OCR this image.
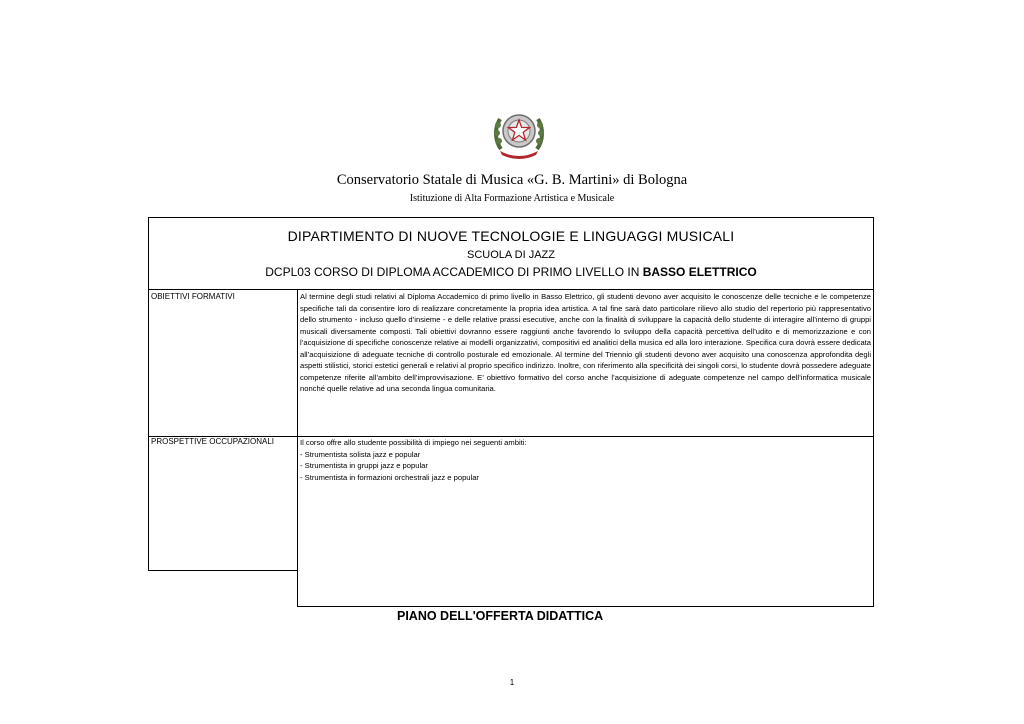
Conservatorio Statale di Musica «G. B. Martini» di Bologna
Istituzione di Alta Formazione Artistica e Musicale
DIPARTIMENTO DI NUOVE TECNOLOGIE E LINGUAGGI MUSICALI
SCUOLA DI JAZZ
DCPL03 CORSO DI DIPLOMA ACCADEMICO DI PRIMO LIVELLO IN BASSO ELETTRICO
OBIETTIVI FORMATIVI
PROSPETTIVE OCCUPAZIONALI
Al termine degli studi relativi al Diploma Accademico di primo livello in Basso Elettrico, gli studenti devono aver acquisito le conoscenze delle tecniche e le competenze specifiche tali da consentire loro di realizzare concretamente la propria idea artistica. A tal fine sarà dato particolare rilievo allo studio del repertorio più rappresentativo dello strumento - incluso quello d’insieme - e delle relative prassi esecutive, anche con la finalità di sviluppare la capacità dello studente di interagire all’interno di gruppi musicali diversamente composti. Tali obiettivi dovranno essere raggiunti anche favorendo lo sviluppo della capacità percettiva dell’udito e di memorizzazione e con l’acquisizione di specifiche conoscenze relative ai modelli organizzativi, compositivi ed analitici della musica ed alla loro interazione. Specifica cura dovrà essere dedicata all’acquisizione di adeguate tecniche di controllo posturale ed emozionale. Al termine del Triennio gli studenti devono aver acquisito una conoscenza approfondita degli aspetti stilistici, storici estetici generali e relativi al proprio specifico indirizzo. Inoltre, con riferimento alla specificità dei singoli corsi, lo studente dovrà possedere adeguate competenze riferite all’ambito dell’improvvisazione. E’ obiettivo formativo del corso anche l’acquisizione di adeguate competenze nel campo dell’informatica musicale nonché quelle relative ad una seconda lingua comunitaria.
Il corso offre allo studente possibilità di impiego nei seguenti ambiti:
- Strumentista solista jazz e popular
- Strumentista in gruppi jazz e popular
- Strumentista in formazioni orchestrali jazz e popular
PIANO DELL'OFFERTA DIDATTICA
1
